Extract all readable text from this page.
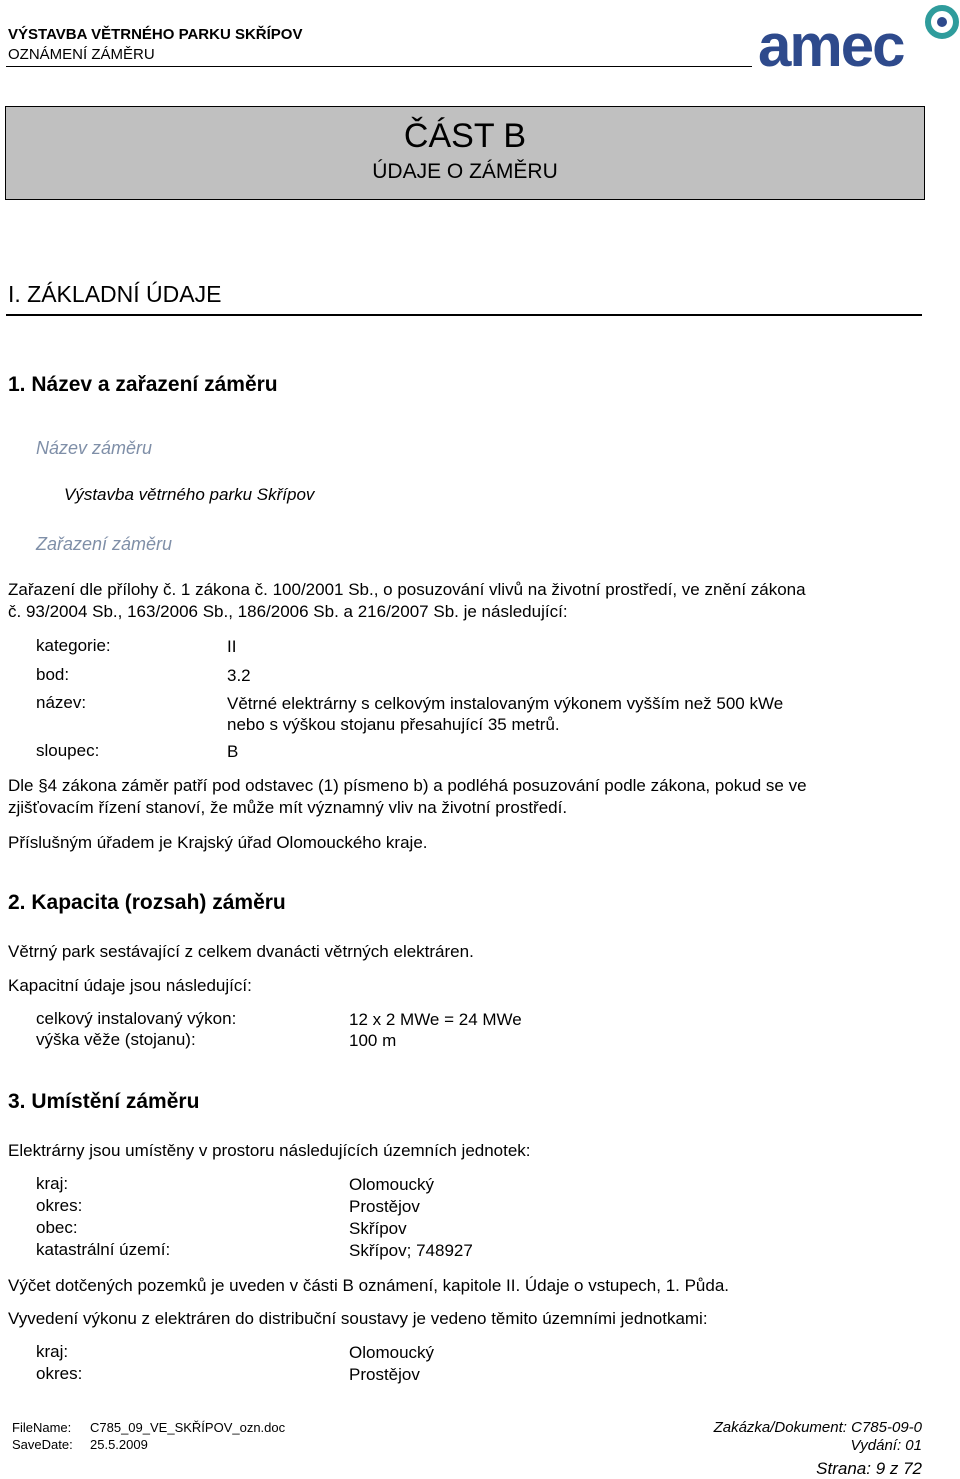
VÝSTAVBA VĚTRNÉHO PARKU SKŘÍPOV
OZNÁMENÍ ZÁMĚRU	amec
ČÁST B
ÚDAJE O ZÁMĚRU
I. ZÁKLADNÍ ÚDAJE
1. Název a zařazení záměru
Název záměru
Výstavba větrného parku Skřípov
Zařazení záměru
Zařazení dle přílohy č. 1 zákona č. 100/2001 Sb., o posuzování vlivů na životní prostředí, ve znění zákona
č. 93/2004 Sb., 163/2006 Sb., 186/2006 Sb. a 216/2007 Sb. je následující:
kategorie:	II
bod:	3.2
název:	Větrné elektrárny s celkovým instalovaným výkonem vyšším než 500 kWe
nebo s výškou stojanu přesahující 35 metrů.
sloupec:	B
Dle §4 zákona záměr patří pod odstavec (1) písmeno b) a podléhá posuzování podle zákona, pokud se ve
zjišťovacím řízení stanoví, že může mít významný vliv na životní prostředí.
Příslušným úřadem je Krajský úřad Olomouckého kraje.
2. Kapacita (rozsah) záměru
Větrný park sestávající z celkem dvanácti větrných elektráren.
Kapacitní údaje jsou následující:
celkový instalovaný výkon:	12 x 2 MWe = 24 MWe
výška věže (stojanu):	100 m
3. Umístění záměru
Elektrárny jsou umístěny v prostoru následujících územních jednotek:
kraj:	Olomoucký
okres:	Prostějov
obec:	Skřípov
katastrální území:	Skřípov; 748927
Výčet dotčených pozemků je uveden v části B oznámení, kapitole II. Údaje o vstupech, 1. Půda.
Vyvedení výkonu z elektráren do distribuční soustavy je vedeno těmito územními jednotkami:
kraj:	Olomoucký
okres:	Prostějov
FileName: C785_09_VE_SKŘÍPOV_ozn.doc
SaveDate: 25.5.2009
Zakázka/Dokument: C785-09-0
Vydání: 01
Strana: 9 z 72
